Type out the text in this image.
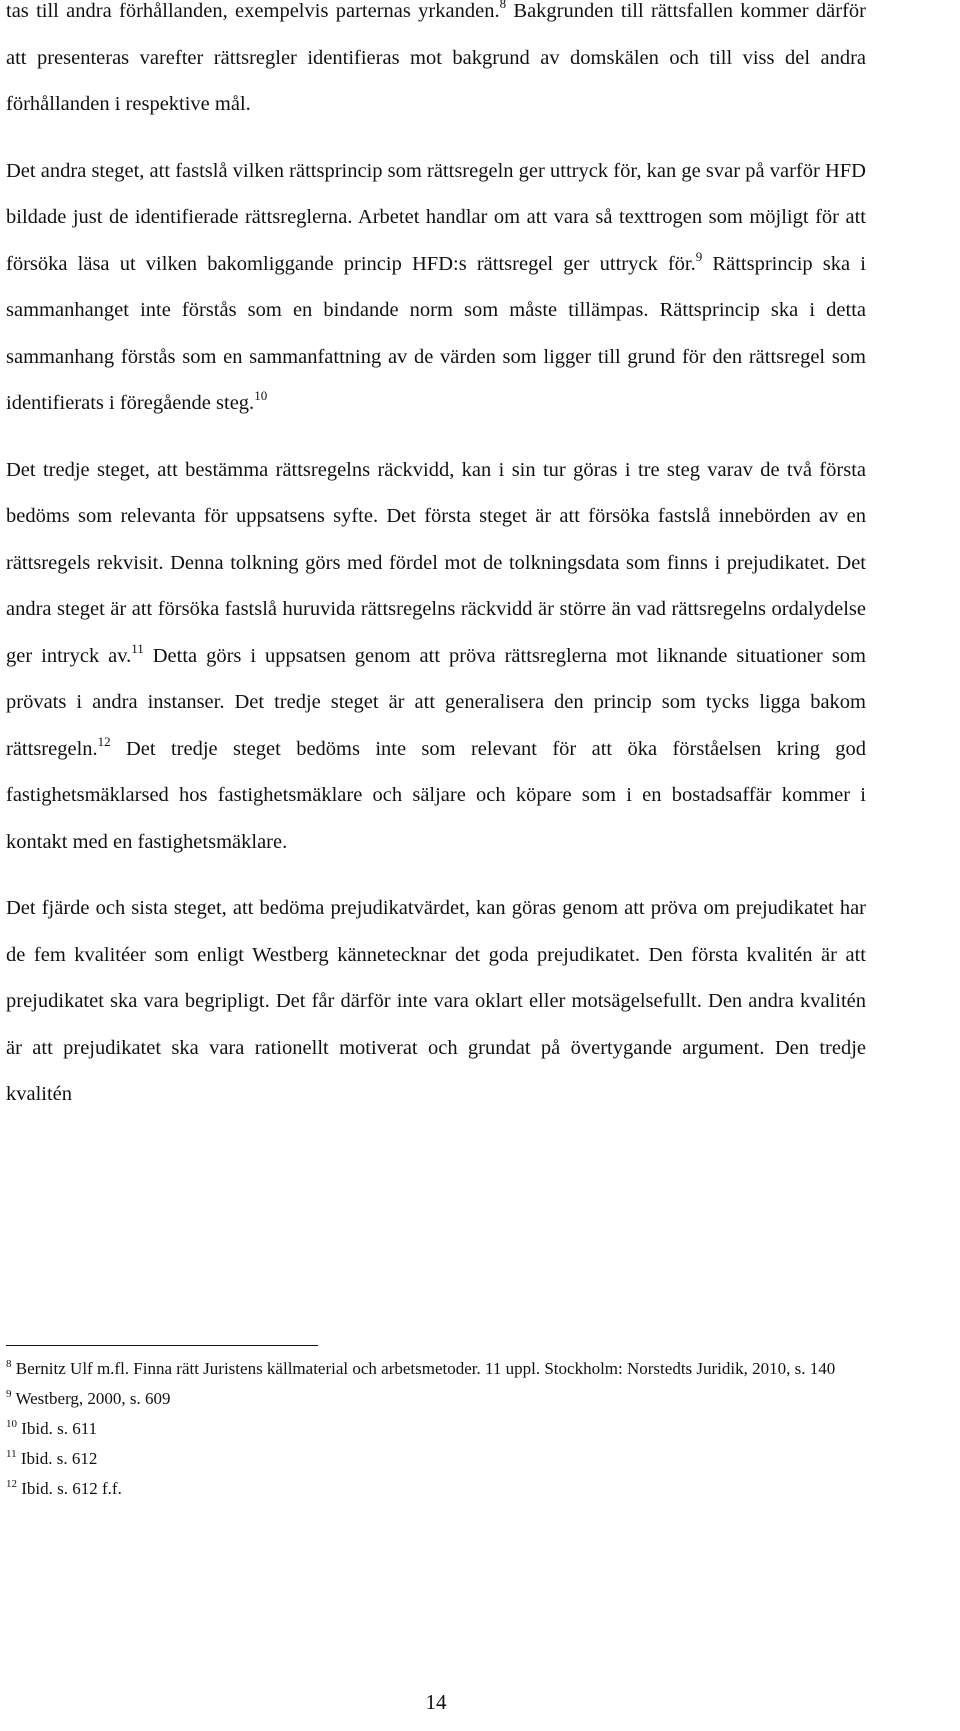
tas till andra förhållanden, exempelvis parternas yrkanden.$^8$ Bakgrunden till rättsfallen kommer därför att presenteras varefter rättsregler identifieras mot bakgrund av domskälen och till viss del andra förhållanden i respektive mål.

Det andra steget, att fastslå vilken rättsprincip som rättsregeln ger uttryck för, kan ge svar på varför HFD bildade just de identifierade rättsreglerna. Arbetet handlar om att vara så texttrogen som möjligt för att försöka läsa ut vilken bakomliggande princip HFD:s rättsregel ger uttryck för.$^9$ Rättsprincip ska i sammanhanget inte förstås som en bindande norm som måste tillämpas. Rättsprincip ska i detta sammanhang förstås som en sammanfattning av de värden som ligger till grund för den rättsregel som identifierats i föregående steg.$^{10}$

Det tredje steget, att bestämma rättsregelns räckvidd, kan i sin tur göras i tre steg varav de två första bedöms som relevanta för uppsatsens syfte. Det första steget är att försöka fastslå innebörden av en rättsregels rekvisit. Denna tolkning görs med fördel mot de tolkningsdata som finns i prejudikatet. Det andra steget är att försöka fastslå huruvida rättsregelns räckvidd är större än vad rättsregelns ordalydelse ger intryck av.$^{11}$ Detta görs i uppsatsen genom att pröva rättsreglerna mot liknande situationer som prövats i andra instanser. Det tredje steget är att generalisera den princip som tycks ligga bakom rättsregeln.$^{12}$ Det tredje steget bedöms inte som relevant för att öka förståelsen kring god fastighetsmäklarsed hos fastighetsmäklare och säljare och köpare som i en bostadsaffär kommer i kontakt med en fastighetsmäklare.

Det fjärde och sista steget, att bedöma prejudikatvärdet, kan göras genom att pröva om prejudikatet har de fem kvalitéer som enligt Westberg kännetecknar det goda prejudikatet. Den första kvalitén är att prejudikatet ska vara begripligt. Det får därför inte vara oklart eller motsägelsefullt. Den andra kvalitén är att prejudikatet ska vara rationellt motiverat och grundat på övertygande argument. Den tredje kvalitén

$^8$ Bernitz Ulf m.fl. Finna rätt Juristens källmaterial och arbetsmetoder. 11 uppl. Stockholm: Norstedts Juridik, 2010, s. 140

$^9$ Westberg, 2000, s. 609

$^{10}$ Ibid. s. 611

$^{11}$ Ibid. s. 612

$^{12}$ Ibid. s. 612 f.f.

14
